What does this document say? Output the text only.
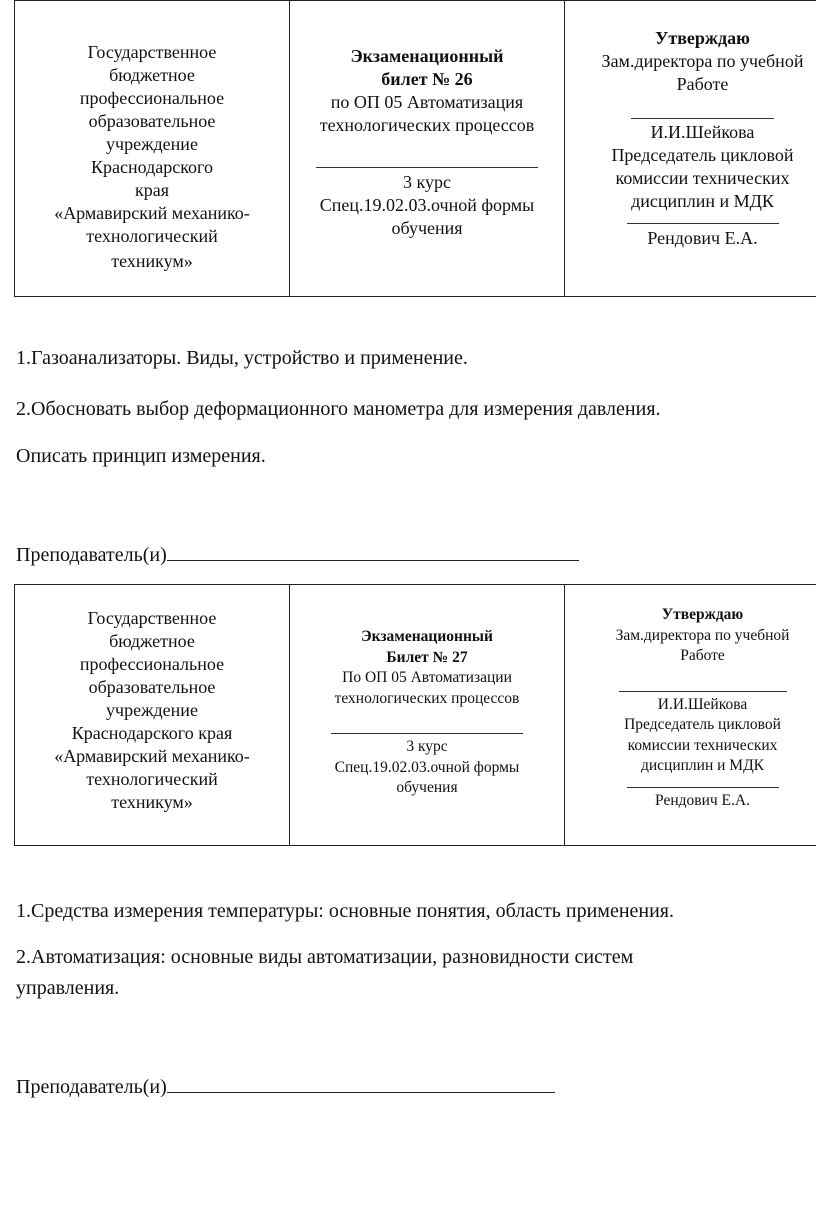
Государственное
бюджетное
профессиональное
образовательное
учреждение
Краснодарского
края
«Армавирский механико-
технологический
техникум»

Экзаменационный
билет № 26
по ОП 05 Автоматизация
технологических процессов
3 курс
Спец.19.02.03.очной формы
обучения

Утверждаю
Зам.директора по учебной
Работе
И.И.Шейкова
Председатель цикловой
комиссии технических
дисциплин и МДК
Рендович Е.А.

1.Газоанализаторы. Виды, устройство и применение.

2.Обосновать выбор деформационного манометра для измерения давления.

Описать принцип измерения.

Преподаватель(и)
Государственное
бюджетное
профессиональное
образовательное
учреждение
Краснодарского края
«Армавирский механико-
технологический
техникум»

Экзаменационный
Билет № 27
По ОП 05 Автоматизации
технологических процессов
3 курс
Спец.19.02.03.очной формы
обучения

Утверждаю
Зам.директора по учебной
Работе
И.И.Шейкова
Председатель цикловой
комиссии технических
дисциплин и МДК
Рендович Е.А.

1.Средства измерения температуры: основные понятия, область применения.

2.Автоматизация: основные виды автоматизации, разновидности систем

управления.

Преподаватель(и)
